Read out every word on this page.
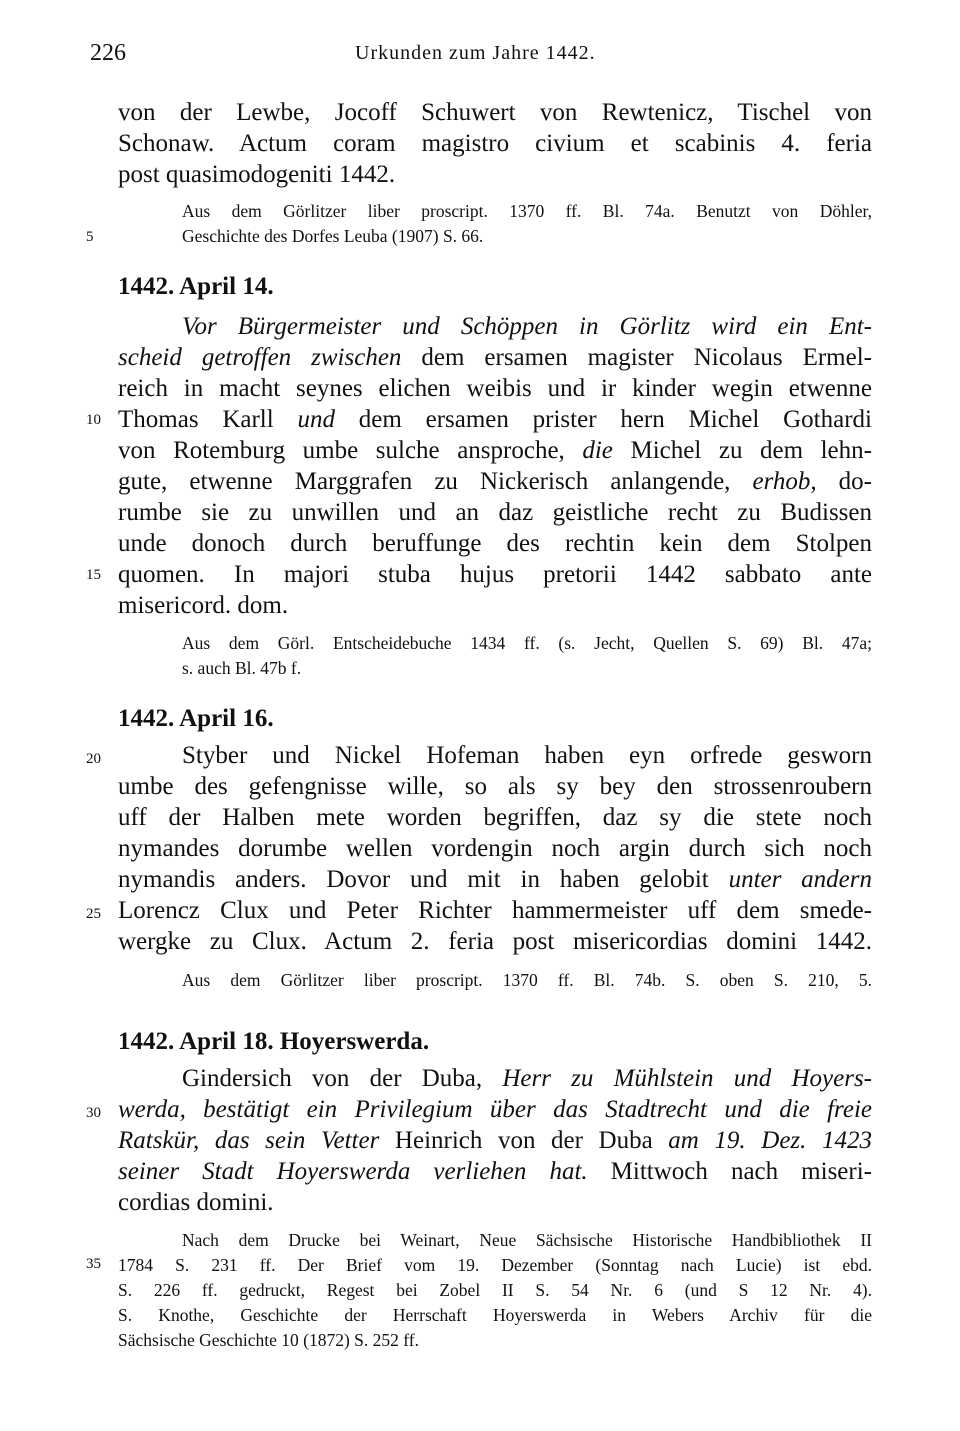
226	Urkunden zum Jahre 1442.
von der Lewbe, Jocoff Schuwert von Rewtenicz, Tischel von
Schonaw. Actum coram magistro civium et scabinis 4. feria
post quasimodogeniti 1442.
Aus dem Görlitzer liber proscript. 1370 ff. Bl. 74a. Benutzt von Döhler,
Geschichte des Dorfes Leuba (1907) S. 66.
5
1442. April 14.
Vor Bürgermeister und Schöppen in Görlitz wird ein Ent-
scheid getroffen zwischen dem ersamen magister Nicolaus Ermel-
reich in macht seynes elichen weibis und ir kinder wegin etwenne
10 Thomas Karll und dem ersamen prister hern Michel Gothardi
von Rotemburg umbe sulche ansproche, die Michel zu dem lehn-
gute, etwenne Marggrafen zu Nickerisch anlangende, erhob, do-
rumbe sie zu unwillen und an daz geistliche recht zu Budissen
unde donoch durch beruffunge des rechtin kein dem Stolpen
15 quomen. In majori stuba hujus pretorii 1442 sabbato ante
misericord. dom.
Aus dem Görl. Entscheidebuche 1434 ff. (s. Jecht, Quellen S. 69) Bl. 47a;
s. auch Bl. 47b f.
1442. April 16.
20	Styber und Nickel Hofeman haben eyn orfrede gesworn
umbe des gefengnisse wille, so als sy bey den strossenroubern
uff der Halben mete worden begriffen, daz sy die stete noch
nymandes dorumbe wellen vordengin noch argin durch sich noch
nymandis anders. Dovor und mit in haben gelobit unter andern
25 Lorencz Clux und Peter Richter hammermeister uff dem smede-
wergke zu Clux. Actum 2. feria post misericordias domini 1442.
Aus dem Görlitzer liber proscript. 1370 ff. Bl. 74b. S. oben S. 210, 5.
1442. April 18. Hoyerswerda.
Gindersich von der Duba, Herr zu Mühlstein und Hoyers-
30 werda, bestätigt ein Privilegium über das Stadtrecht und die freie
Ratskür, das sein Vetter Heinrich von der Duba am 19. Dez. 1423
seiner Stadt Hoyerswerda verliehen hat. Mittwoch nach miseri-
cordias domini.
Nach dem Drucke bei Weinart, Neue Sächsische Historische Handbibliothek II
35 1784 S. 231 ff. Der Brief vom 19. Dezember (Sonntag nach Lucie) ist ebd.
S. 226 ff. gedruckt, Regest bei Zobel II S. 54 Nr. 6 (und S 12 Nr. 4).
S. Knothe, Geschichte der Herrschaft Hoyerswerda in Webers Archiv für die
Sächsische Geschichte 10 (1872) S. 252 ff.
